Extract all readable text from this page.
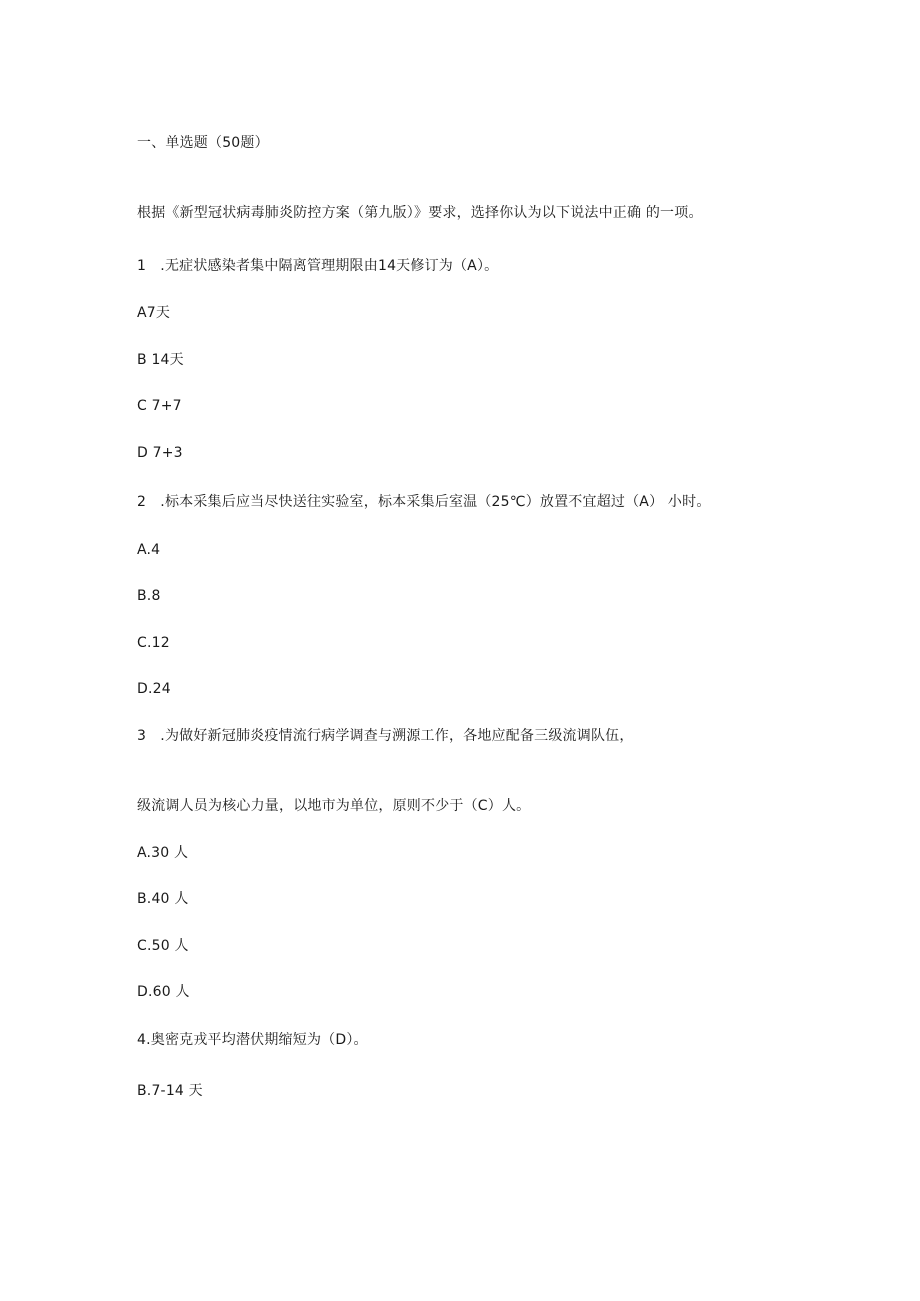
一、单选题（50题）
根据《新型冠状病毒肺炎防控方案（第九版）》要求，选择你认为以下说法中正确 的一项。
1　.无症状感染者集中隔离管理期限由14天修订为（A）。
A7天
B 14天
C 7+7
D 7+3
2　.标本采集后应当尽快送往实验室，标本采集后室温（25℃）放置不宜超过（A） 小时。
A.4
B.8
C.12
D.24
3　.为做好新冠肺炎疫情流行病学调查与溯源工作，各地应配备三级流调队伍，
级流调人员为核心力量，以地市为单位，原则不少于（C）人。
A.30 人
B.40 人
C.50 人
D.60 人
4.奥密克戎平均潜伏期缩短为（D）。
B.7-14 天
